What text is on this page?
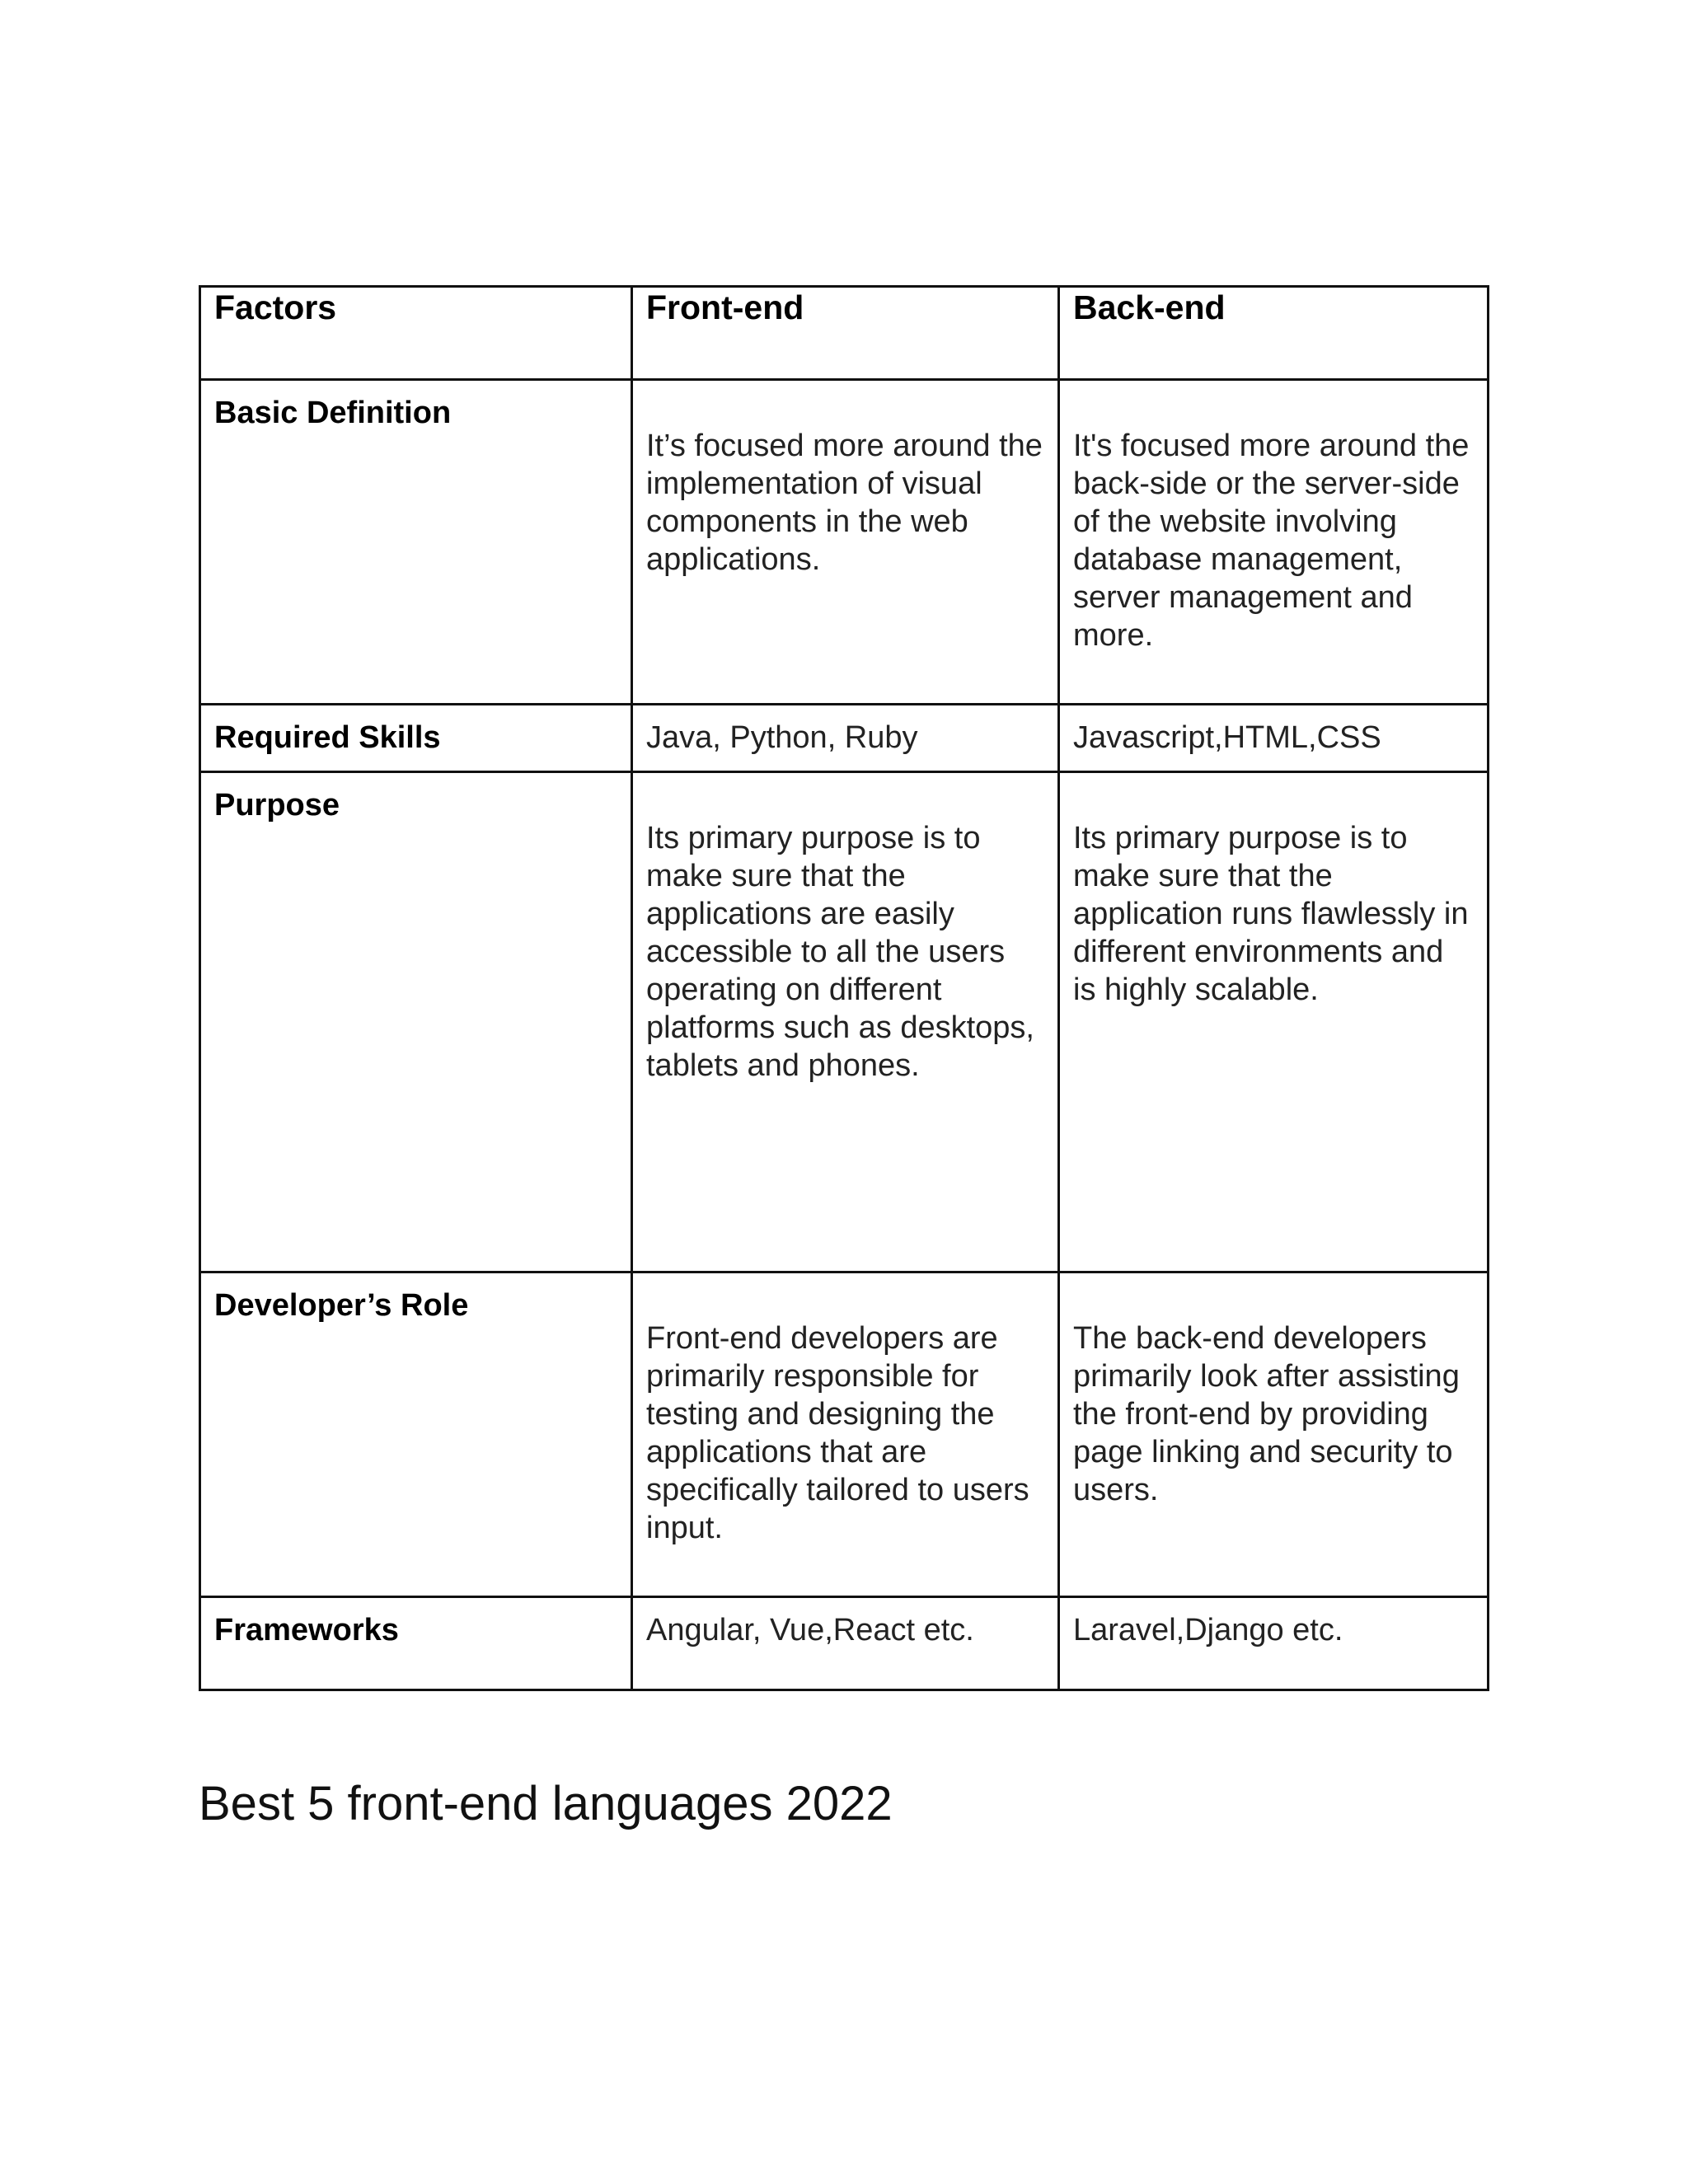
Factors	Front-end	Back-end

Basic Definition	It’s focused more around the implementation of visual components in the web applications.	It's focused more around the back-side or the server-side of the website involving database management, server management and more.

Required Skills	Java, Python, Ruby	Javascript,HTML,CSS

Purpose	Its primary purpose is to make sure that the applications are easily accessible to all the users operating on different platforms such as desktops, tablets and phones.	Its primary purpose is to make sure that the application runs flawlessly in different environments and is highly scalable.

Developer’s Role	Front-end developers are primarily responsible for testing and designing the applications that are specifically tailored to users input.	The back-end developers primarily look after assisting the front-end by providing page linking and security to users.

Frameworks	Angular, Vue,React etc.	Laravel,Django etc.
Best 5 front-end languages 2022
